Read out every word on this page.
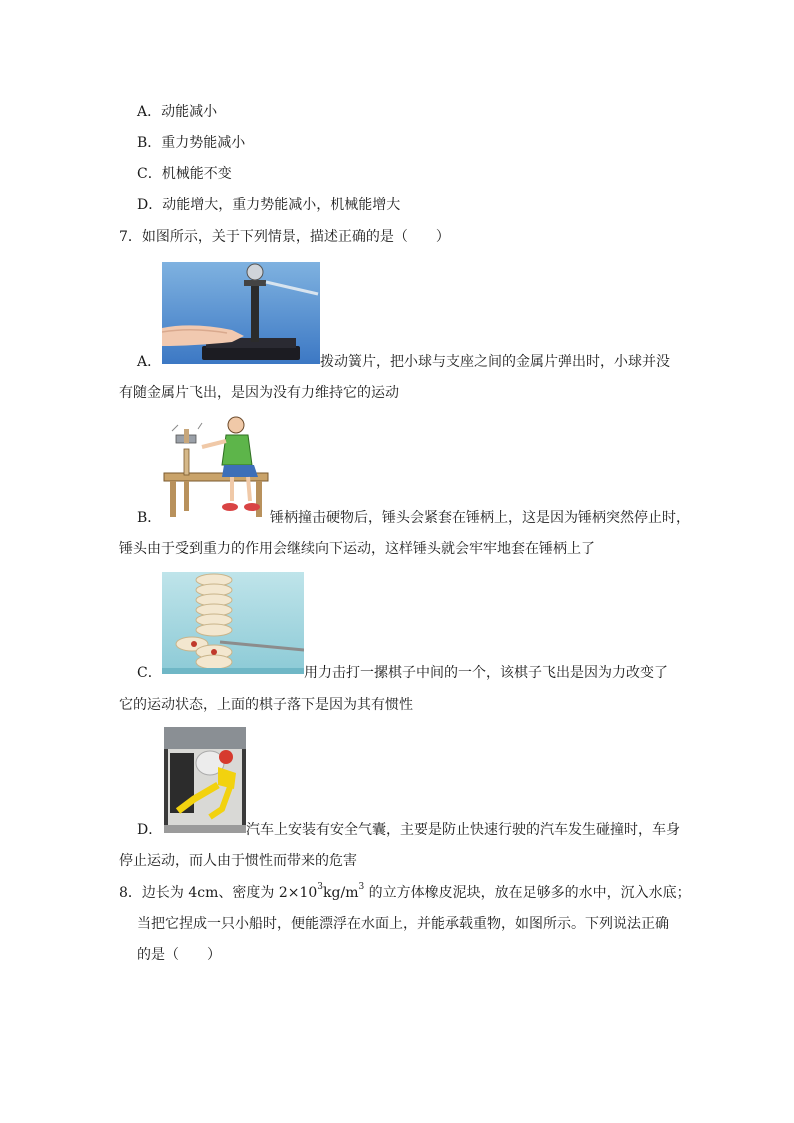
A．动能减小
B．重力势能减小
C．机械能不变
D．动能增大，重力势能减小，机械能增大
7．如图所示，关于下列情景，描述正确的是（　　）
A．	拨动簧片，把小球与支座之间的金属片弹出时，小球并没
有随金属片飞出，是因为没有力维持它的运动
B．	锤柄撞击硬物后，锤头会紧套在锤柄上，这是因为锤柄突然停止时，
锤头由于受到重力的作用会继续向下运动，这样锤头就会牢牢地套在锤柄上了
C．	用力击打一摞棋子中间的一个，该棋子飞出是因为力改变了
它的运动状态，上面的棋子落下是因为其有惯性
D．	汽车上安装有安全气囊，主要是防止快速行驶的汽车发生碰撞时，车身
停止运动，而人由于惯性而带来的危害
8．边长为 4cm、密度为 $2\times 10^3kg/m^3$ 的立方体橡皮泥块，放在足够多的水中，沉入水底；
当把它捏成一只小船时，便能漂浮在水面上，并能承载重物，如图所示。下列说法正确
的是（　　）
